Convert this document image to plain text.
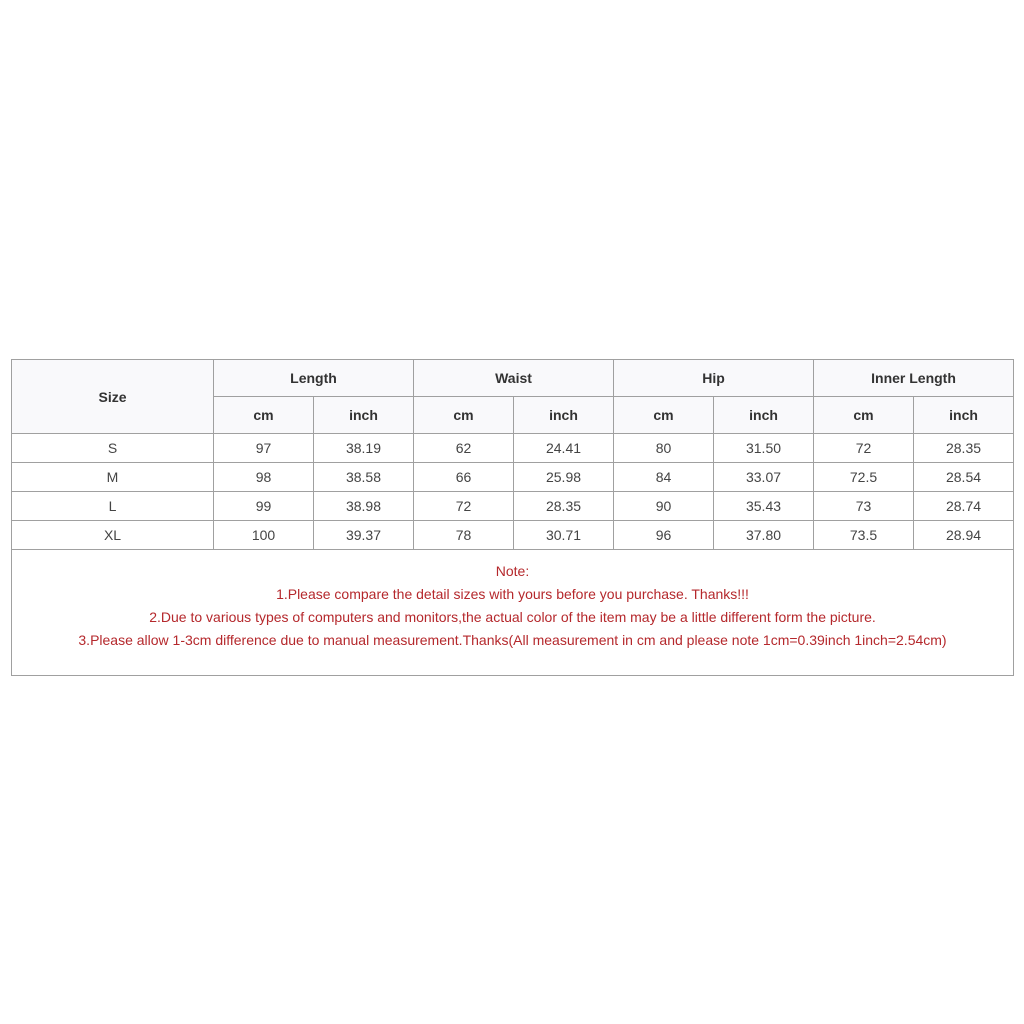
Size	Length		Waist		Hip		Inner Length	
	cm	inch	cm	inch	cm	inch	cm	inch
S	97	38.19	62	24.41	80	31.50	72	28.35
M	98	38.58	66	25.98	84	33.07	72.5	28.54
L	99	38.98	72	28.35	90	35.43	73	28.74
XL	100	39.37	78	30.71	96	37.80	73.5	28.94

Note:
1.Please compare the detail sizes with yours before you purchase. Thanks!!!
2.Due to various types of computers and monitors,the actual color of the item may be a little different form the picture.
3.Please allow 1-3cm difference due to manual measurement.Thanks(All measurement in cm and please note 1cm=0.39inch 1inch=2.54cm)								
